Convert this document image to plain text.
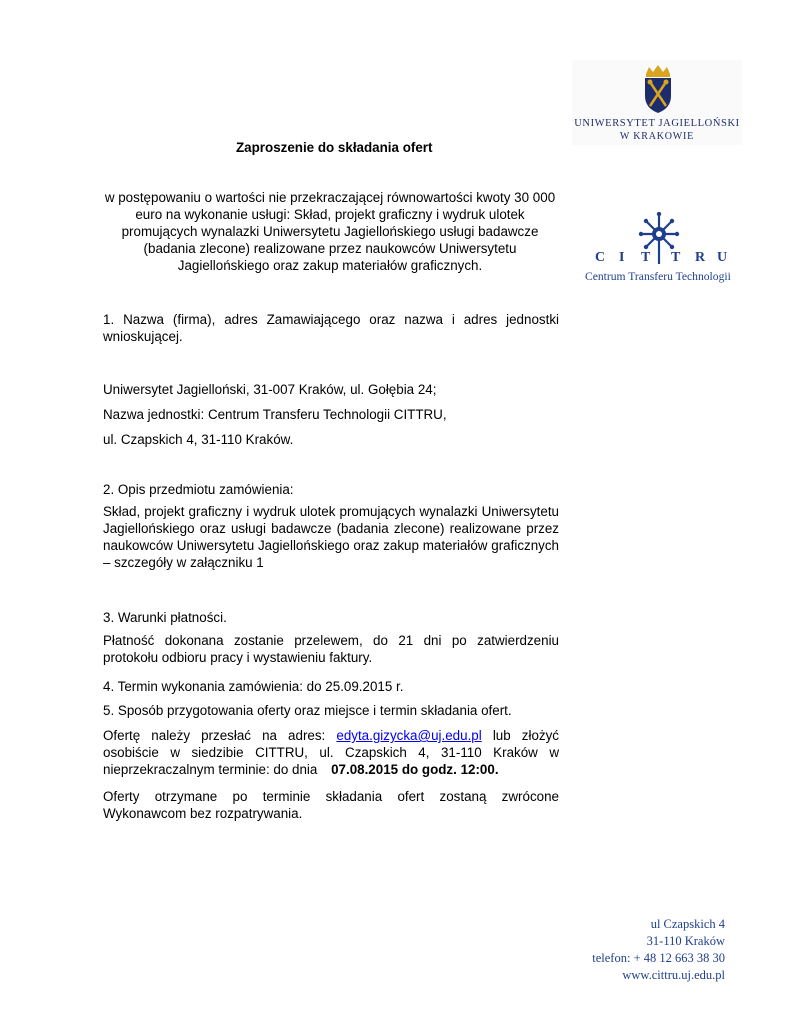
UNIWERSYTET JAGIELLOŃSKI
W KRAKOWIE
C I T T R U
Centrum Transferu Technologii
Zaproszenie do składania ofert
w postępowaniu o wartości nie przekraczającej równowartości kwoty 30 000
euro na wykonanie usługi: Skład, projekt graficzny i wydruk ulotek
promujących wynalazki Uniwersytetu Jagiellońskiego usługi badawcze
(badania zlecone) realizowane przez naukowców Uniwersytetu
Jagiellońskiego oraz zakup materiałów graficznych.

1. Nazwa (firma), adres Zamawiającego oraz nazwa i adres jednostki wnioskującej.

Uniwersytet Jagielloński, 31-007 Kraków, ul. Gołębia 24;
Nazwa jednostki: Centrum Transferu Technologii CITTRU,
ul. Czapskich 4, 31-110 Kraków.
2. Opis przedmiotu zamówienia:

Skład, projekt graficzny i wydruk ulotek promujących wynalazki Uniwersytetu Jagiellońskiego oraz usługi badawcze (badania zlecone) realizowane przez naukowców Uniwersytetu Jagiellońskiego oraz zakup materiałów graficznych – szczegóły w załączniku 1

3. Warunki płatności.

Płatność dokonana zostanie przelewem, do 21 dni po zatwierdzeniu protokołu odbioru pracy i wystawieniu faktury.

4. Termin wykonania zamówienia: do 25.09.2015 r.
5. Sposób przygotowania oferty oraz miejsce i termin składania ofert.

Ofertę należy przesłać na adres: edyta.gizycka@uj.edu.pl lub złożyć osobiście w siedzibie CITTRU, ul. Czapskich 4, 31-110 Kraków w nieprzekraczalnym terminie: do dnia 07.08.2015 do godz. 12:00.

Oferty otrzymane po terminie składania ofert zostaną zwrócone Wykonawcom bez rozpatrywania.

ul Czapskich 4
31-110 Kraków
telefon: + 48 12 663 38 30
www.cittru.uj.edu.pl
